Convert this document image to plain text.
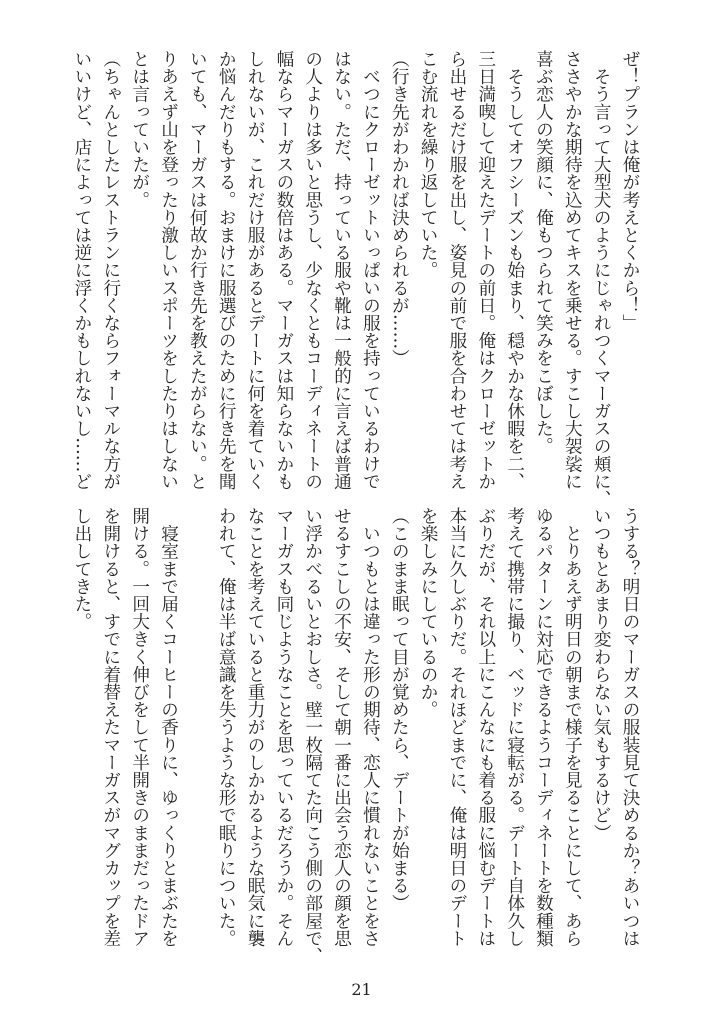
ぜ！プランは俺が考えとくから！」
　そう言って大型犬のようにじゃれつくマーガスの頬に、
ささやかな期待を込めてキスを乗せる。すこし大袈裟に
喜ぶ恋人の笑顔に、俺もつられて笑みをこぼした。
　そうしてオフシーズンも始まり、穏やかな休暇を二、
三日満喫して迎えたデートの前日。俺はクローゼットか
ら出せるだけ服を出し、姿見の前で服を合わせては考え
こむ流れを繰り返していた。
（行き先がわかれば決められるが……）
　べつにクローゼットいっぱいの服を持っているわけで
はない。ただ、持っている服や靴は一般的に言えば普通
の人よりは多いと思うし、少なくともコーディネートの
幅ならマーガスの数倍はある。マーガスは知らないかも
しれないが、これだけ服があるとデートに何を着ていく
か悩んだりもする。おまけに服選びのために行き先を聞
いても、マーガスは何故か行き先を教えたがらない。と
りあえず山を登ったり激しいスポーツをしたりはしない
とは言っていたが。
（ちゃんとしたレストランに行くならフォーマルな方が
いいけど、店によっては逆に浮くかもしれないし……ど
うする？明日のマーガスの服装見て決めるか？あいつは
いつもとあまり変わらない気もするけど）
　とりあえず明日の朝まで様子を見ることにして、あら
ゆるパターンに対応できるようコーディネートを数種類
考えて携帯に撮り、ベッドに寝転がる。デート自体久し
ぶりだが、それ以上にこんなにも着る服に悩むデートは
本当に久しぶりだ。それほどまでに、俺は明日のデート
を楽しみにしているのか。
（このまま眠って目が覚めたら、デートが始まる）
　いつもとは違った形の期待、恋人に慣れないことをさ
せるすこしの不安、そして朝一番に出会う恋人の顔を思
い浮かべるいとおしさ。壁一枚隔てた向こう側の部屋で、
マーガスも同じようなことを思っているだろうか。そん
なことを考えていると重力がのしかかるような眠気に襲
われて、俺は半ば意識を失うような形で眠りについた。
　寝室まで届くコーヒーの香りに、ゆっくりとまぶたを
開ける。一回大きく伸びをして半開きのままだったドア
を開けると、すでに着替えたマーガスがマグカップを差
し出してきた。
21
